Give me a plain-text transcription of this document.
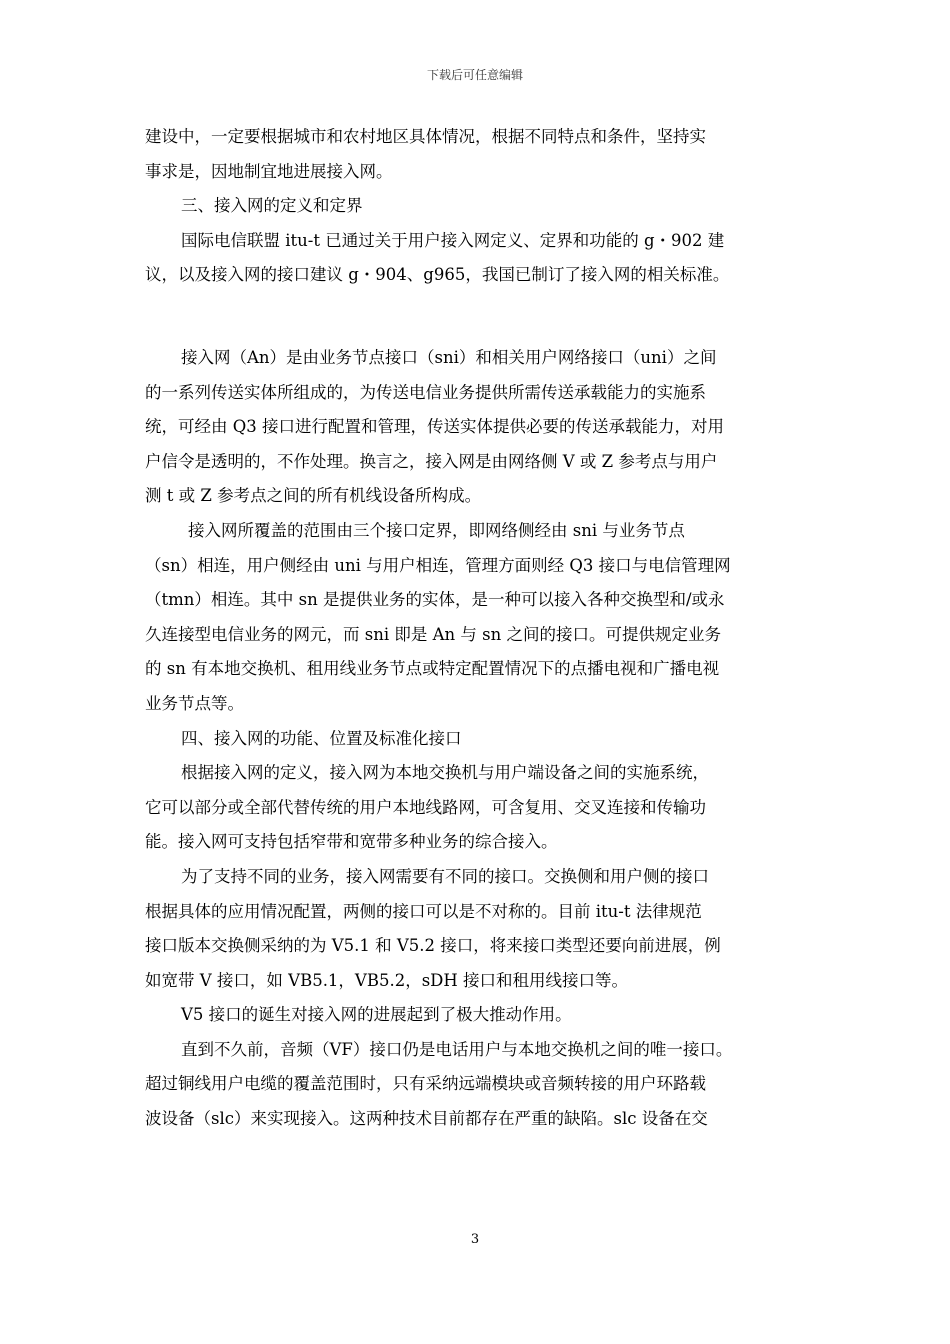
下载后可任意编辑
建设中，一定要根据城市和农村地区具体情况，根据不同特点和条件，坚持实
事求是，因地制宜地进展接入网。
三、接入网的定义和定界
国际电信联盟 itu-t 已通过关于用户接入网定义、定界和功能的 g・902 建
议，以及接入网的接口建议 g・904、g965，我国已制订了接入网的相关标准。
接入网（An）是由业务节点接口（sni）和相关用户网络接口（uni）之间
的一系列传送实体所组成的，为传送电信业务提供所需传送承载能力的实施系
统，可经由 Q3 接口进行配置和管理，传送实体提供必要的传送承载能力，对用
户信令是透明的，不作处理。换言之，接入网是由网络侧 V 或 Z 参考点与用户
测 t 或 Z 参考点之间的所有机线设备所构成。
接入网所覆盖的范围由三个接口定界，即网络侧经由 sni 与业务节点
（sn）相连，用户侧经由 uni 与用户相连，管理方面则经 Q3 接口与电信管理网
（tmn）相连。其中 sn 是提供业务的实体，是一种可以接入各种交换型和/或永
久连接型电信业务的网元，而 sni 即是 An 与 sn 之间的接口。可提供规定业务
的 sn 有本地交换机、租用线业务节点或特定配置情况下的点播电视和广播电视
业务节点等。
四、接入网的功能、位置及标准化接口
根据接入网的定义，接入网为本地交换机与用户端设备之间的实施系统，
它可以部分或全部代替传统的用户本地线路网，可含复用、交叉连接和传输功
能。接入网可支持包括窄带和宽带多种业务的综合接入。
为了支持不同的业务，接入网需要有不同的接口。交换侧和用户侧的接口
根据具体的应用情况配置，两侧的接口可以是不对称的。目前 itu-t 法律规范
接口版本交换侧采纳的为 V5.1 和 V5.2 接口，将来接口类型还要向前进展，例
如宽带 V 接口，如 VB5.1，VB5.2，sDH 接口和租用线接口等。
V5 接口的诞生对接入网的进展起到了极大推动作用。
直到不久前，音频（VF）接口仍是电话用户与本地交换机之间的唯一接口。
超过铜线用户电缆的覆盖范围时，只有采纳远端模块或音频转接的用户环路载
波设备（slc）来实现接入。这两种技术目前都存在严重的缺陷。slc 设备在交
3
